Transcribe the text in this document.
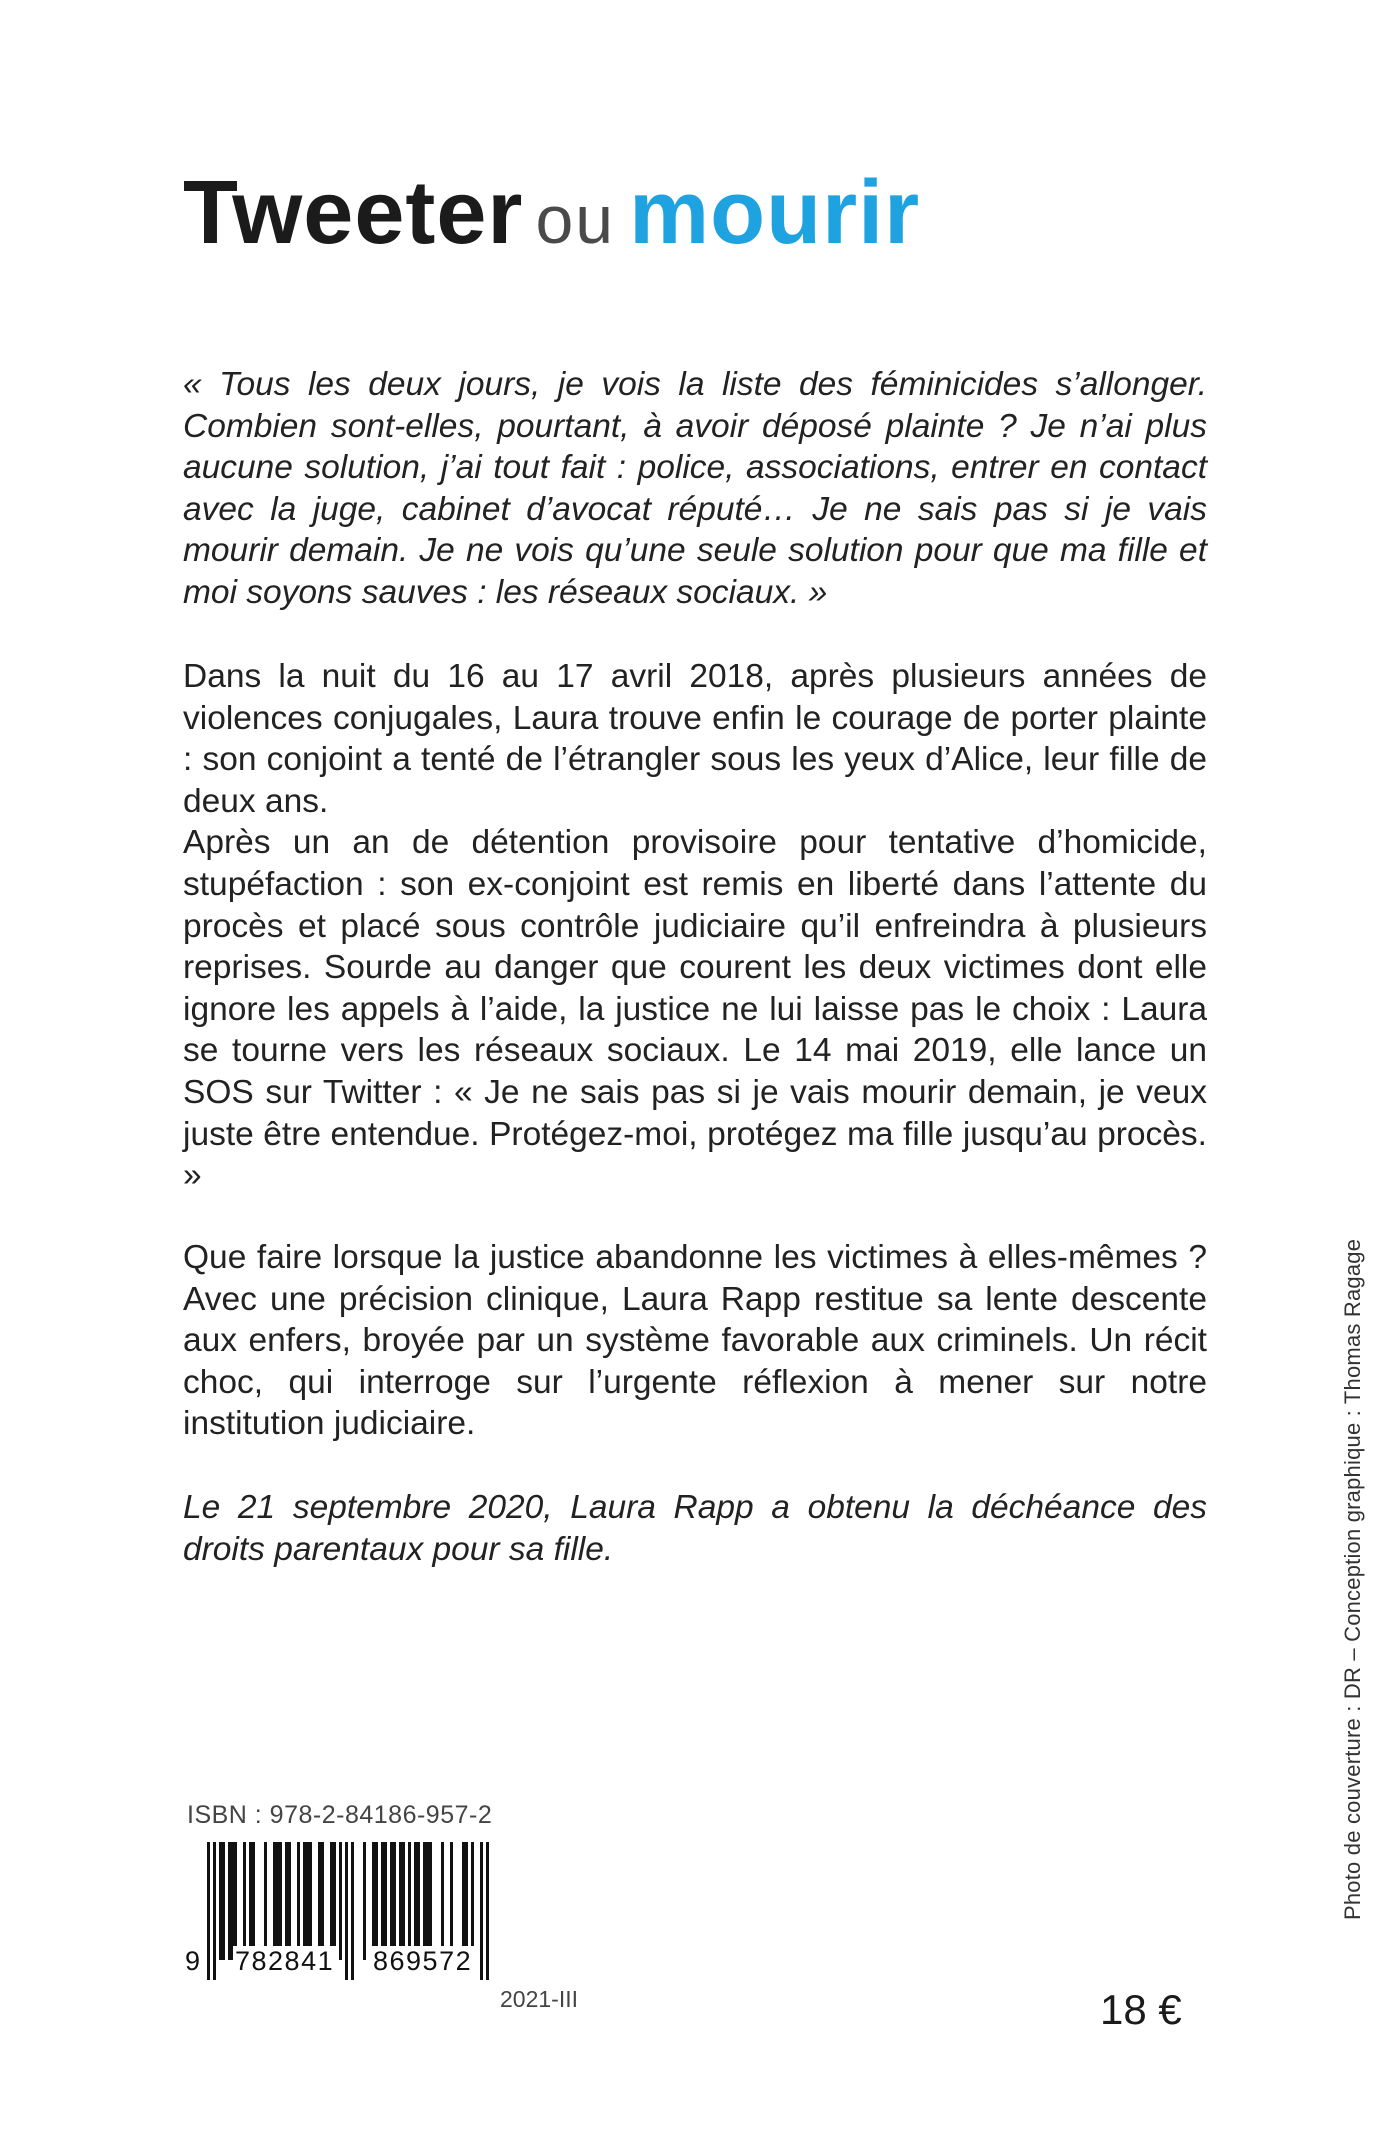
Tweeter ou mourir
« Tous les deux jours, je vois la liste des féminicides s’allonger. Combien sont-elles, pourtant, à avoir déposé plainte ? Je n’ai plus aucune solution, j’ai tout fait : police, associations, entrer en contact avec la juge, cabinet d’avocat réputé… Je ne sais pas si je vais mourir demain. Je ne vois qu’une seule solution pour que ma fille et moi soyons sauves : les réseaux sociaux. »

Dans la nuit du 16 au 17 avril 2018, après plusieurs années de violences conjugales, Laura trouve enfin le courage de porter plainte : son conjoint a tenté de l’étrangler sous les yeux d’Alice, leur fille de deux ans.

Après un an de détention provisoire pour tentative d’homicide, stupéfaction : son ex-conjoint est remis en liberté dans l’attente du procès et placé sous contrôle judiciaire qu’il enfreindra à plusieurs reprises. Sourde au danger que courent les deux victimes dont elle ignore les appels à l’aide, la justice ne lui laisse pas le choix : Laura se tourne vers les réseaux sociaux. Le 14 mai 2019, elle lance un SOS sur Twitter : « Je ne sais pas si je vais mourir demain, je veux juste être entendue. Protégez-moi, protégez ma fille jusqu’au procès. »

Que faire lorsque la justice abandonne les victimes à elles-mêmes ? Avec une précision clinique, Laura Rapp restitue sa lente descente aux enfers, broyée par un système favorable aux criminels. Un récit choc, qui interroge sur l’urgente réflexion à mener sur notre institution judiciaire.
Le 21 septembre 2020, Laura Rapp a obtenu la déchéance des droits parentaux pour sa fille.	Photo de couverture : DR – Conception graphique : Thomas Ragage
ISBN : 978-2-84186-957-2
9 782841 869572
2021-III	18 €
